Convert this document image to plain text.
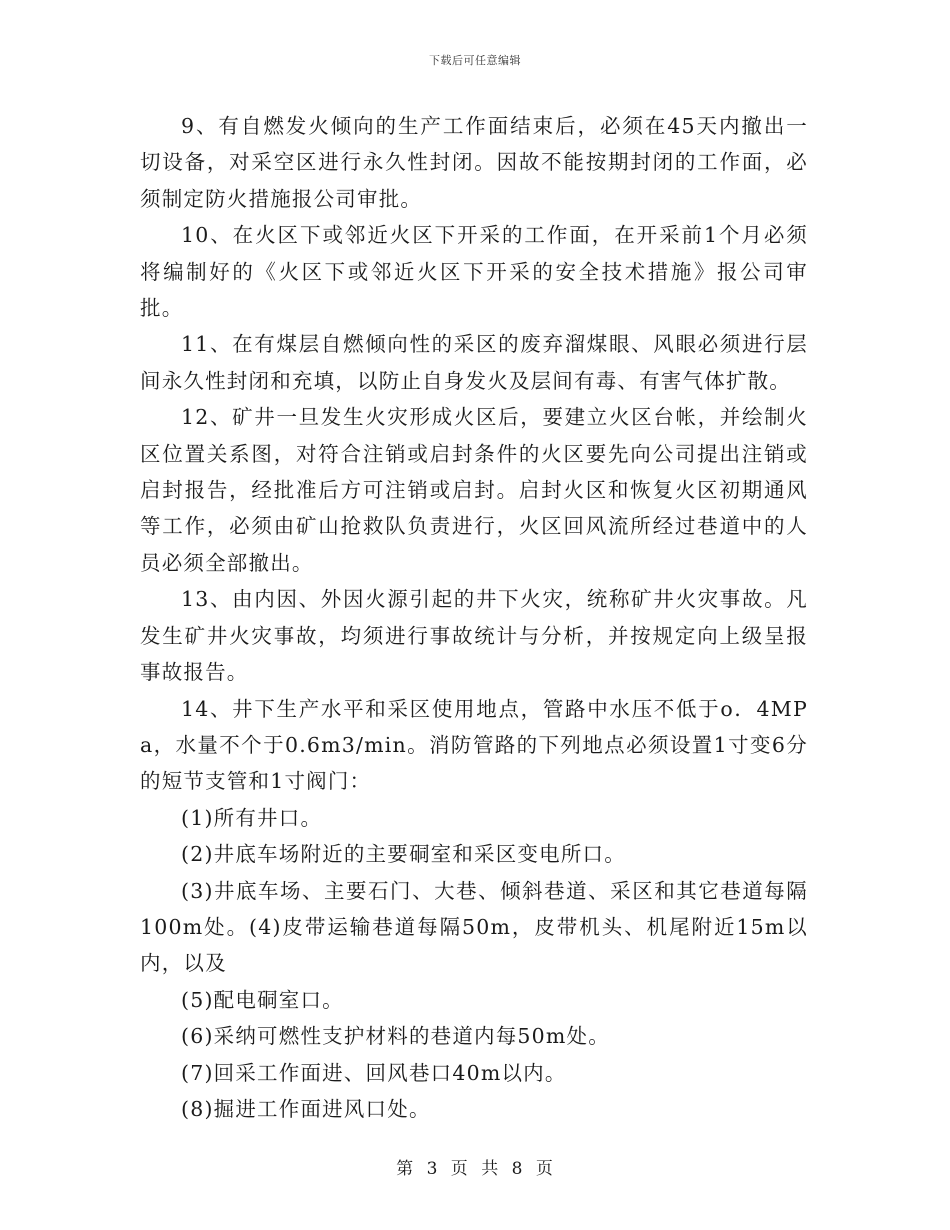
下载后可任意编辑

9、有自燃发火倾向的生产工作面结束后，必须在45天内撤出一切设备，对采空区进行永久性封闭。因故不能按期封闭的工作面，必须制定防火措施报公司审批。

10、在火区下或邻近火区下开采的工作面，在开采前1个月必须将编制好的《火区下或邻近火区下开采的安全技术措施》报公司审批。

11、在有煤层自燃倾向性的采区的废弃溜煤眼、风眼必须进行层间永久性封闭和充填，以防止自身发火及层间有毒、有害气体扩散。

12、矿井一旦发生火灾形成火区后，要建立火区台帐，并绘制火区位置关系图，对符合注销或启封条件的火区要先向公司提出注销或启封报告，经批准后方可注销或启封。启封火区和恢复火区初期通风等工作，必须由矿山抢救队负责进行，火区回风流所经过巷道中的人员必须全部撤出。

13、由内因、外因火源引起的井下火灾，统称矿井火灾事故。凡发生矿井火灾事故，均须进行事故统计与分析，并按规定向上级呈报事故报告。

14、井下生产水平和采区使用地点，管路中水压不低于o．4MPa，水量不个于0.6m3/min。消防管路的下列地点必须设置1寸变6分的短节支管和1寸阀门：

(1)所有井口。

(2)井底车场附近的主要硐室和采区变电所口。

(3)井底车场、主要石门、大巷、倾斜巷道、采区和其它巷道每隔100m处。(4)皮带运输巷道每隔50m，皮带机头、机尾附近15m以内，以及

(5)配电硐室口。

(6)采纳可燃性支护材料的巷道内每50m处。

(7)回采工作面进、回风巷口40m以内。

(8)掘进工作面进风口处。

第 3 页 共 8 页
